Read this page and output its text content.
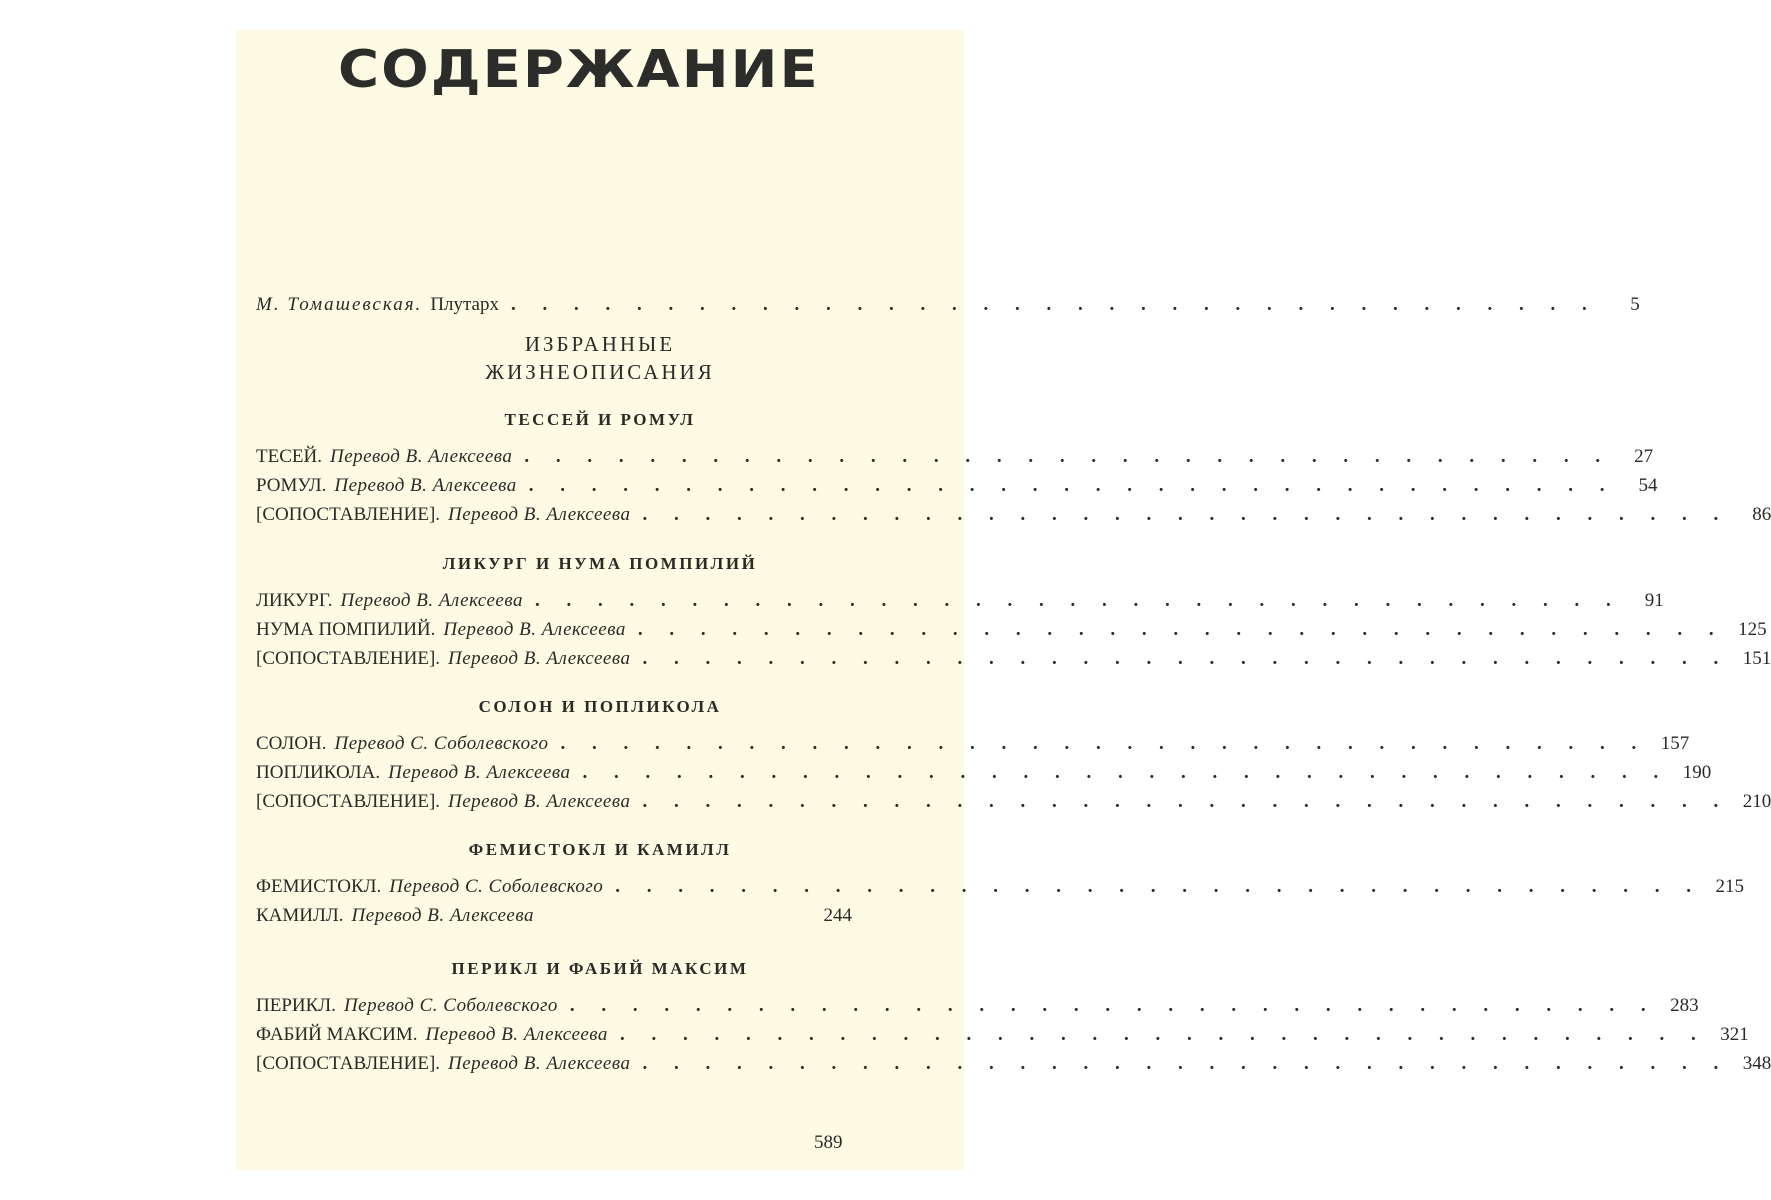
СОДЕРЖАНИЕ
М. Томашевская. Плутарх . . . . . . . . . . . . . . . . . . . . . . . . . . . . . . . . . . .	5
ИЗБРАННЫЕ
ЖИЗНЕОПИСАНИЯ
ТЕССЕЙ И РОМУЛ
ТЕСЕЙ. Перевод В. Алексеева . . . . . . . . . . . . . . . . . . . . . . . . . . . . . . . . . . .	27
РОМУЛ. Перевод В. Алексеева . . . . . . . . . . . . . . . . . . . . . . . . . . . . . . . . . . .	54
[СОПОСТАВЛЕНИЕ]. Перевод В. Алексеева . . . . . . . . . . . . . . . . . . . . . . . . . . . . . . . . . . .	86
ЛИКУРГ И НУМА ПОМПИЛИЙ
ЛИКУРГ. Перевод В. Алексеева . . . . . . . . . . . . . . . . . . . . . . . . . . . . . . . . . . .	91
НУМА ПОМПИЛИЙ. Перевод В. Алексеева . . . . . . . . . . . . . . . . . . . . . . . . . . . . . . . . . . . 125
[СОПОСТАВЛЕНИЕ]. Перевод В. Алексеева . . . . . . . . . . . . . . . . . . . . . . . . . . . . . . . . . . . 151
СОЛОН И ПОПЛИКОЛА
СОЛОН. Перевод С. Соболевского . . . . . . . . . . . . . . . . . . . . . . . . . . . . . . . . . . . 157
ПОПЛИКОЛА. Перевод В. Алексеева . . . . . . . . . . . . . . . . . . . . . . . . . . . . . . . . . . . 190
[СОПОСТАВЛЕНИЕ]. Перевод В. Алексеева . . . . . . . . . . . . . . . . . . . . . . . . . . . . . . . . . . . 210
ФЕМИСТОКЛ И КАМИЛЛ
ФЕМИСТОКЛ. Перевод С. Соболевского . . . . . . . . . . . . . . . . . . . . . . . . . . . . . . . . . . . 215
КАМИЛЛ. Перевод В. Алексеева	244
ПЕРИКЛ И ФАБИЙ МАКСИМ
ПЕРИКЛ. Перевод С. Соболевского . . . . . . . . . . . . . . . . . . . . . . . . . . . . . . . . . . . 283
ФАБИЙ МАКСИМ. Перевод В. Алексеева . . . . . . . . . . . . . . . . . . . . . . . . . . . . . . . . . . . 321
[СОПОСТАВЛЕНИЕ]. Перевод В. Алексеева . . . . . . . . . . . . . . . . . . . . . . . . . . . . . . . . . . . 348
589
